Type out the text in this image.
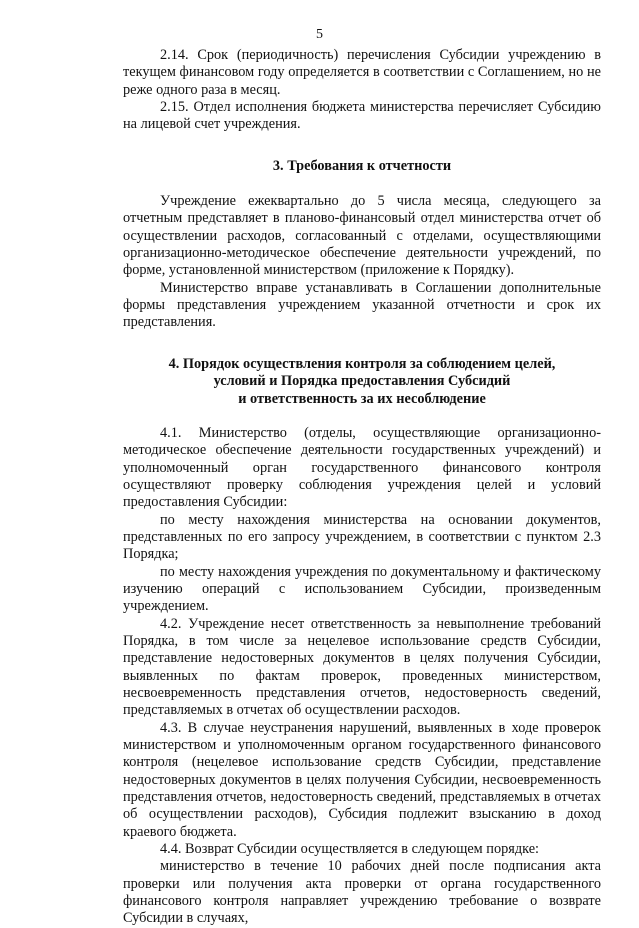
5

2.14. Срок (периодичность) перечисления Субсидии учреждению в текущем финансовом году определяется в соответствии с Соглашением, но не реже одного раза в месяц.

2.15. Отдел исполнения бюджета министерства перечисляет Субсидию на лицевой счет учреждения.

3. Требования к отчетности

Учреждение ежеквартально до 5 числа месяца, следующего за отчетным представляет в планово-финансовый отдел министерства отчет об осуществлении расходов, согласованный с отделами, осуществляющими организационно-методическое обеспечение деятельности учреждений, по форме, установленной министерством (приложение к Порядку).

Министерство вправе устанавливать в Соглашении дополнительные формы представления учреждением указанной отчетности и срок их представления.

4. Порядок осуществления контроля за соблюдением целей,

условий и Порядка предоставления Субсидий

и ответственность за их несоблюдение

4.1. Министерство (отделы, осуществляющие организационно-методическое обеспечение деятельности государственных учреждений) и уполномоченный орган государственного финансового контроля осуществляют проверку соблюдения учреждения целей и условий предоставления Субсидии:

по месту нахождения министерства на основании документов, представленных по его запросу учреждением, в соответствии с пунктом 2.3 Порядка;

по месту нахождения учреждения по документальному и фактическому изучению операций с использованием Субсидии, произведенным учреждением.

4.2. Учреждение несет ответственность за невыполнение требований Порядка, в том числе за нецелевое использование средств Субсидии, представление недостоверных документов в целях получения Субсидии, выявленных по фактам проверок, проведенных министерством, несвоевременность представления отчетов, недостоверность сведений, представляемых в отчетах об осуществлении расходов.

4.3. В случае неустранения нарушений, выявленных в ходе проверок министерством и уполномоченным органом государственного финансового контроля (нецелевое использование средств Субсидии, представление недостоверных документов в целях получения Субсидии, несвоевременность представления отчетов, недостоверность сведений, представляемых в отчетах об осуществлении расходов), Субсидия подлежит взысканию в доход краевого бюджета.

4.4. Возврат Субсидии осуществляется в следующем порядке:

министерство в течение 10 рабочих дней после подписания акта проверки или получения акта проверки от органа государственного финансового контроля направляет учреждению требование о возврате Субсидии в случаях,
